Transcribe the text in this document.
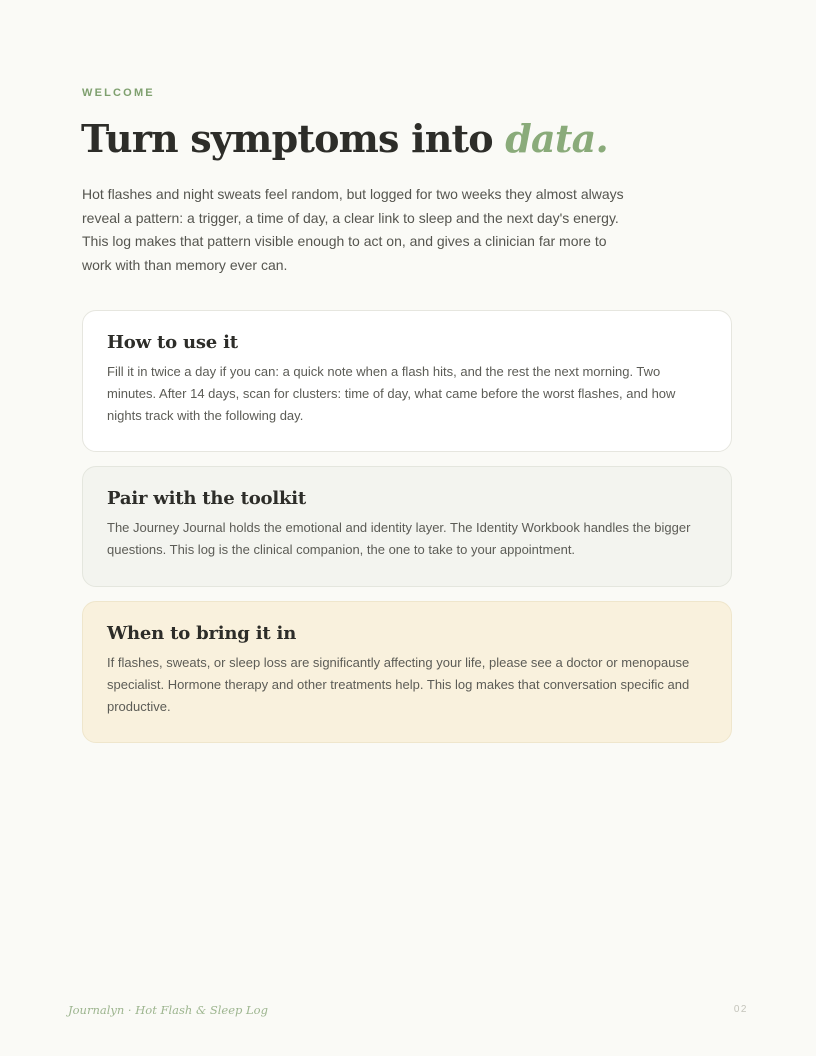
WELCOME
Turn symptoms into data.

Hot flashes and night sweats feel random, but logged for two weeks they almost always reveal a pattern: a trigger, a time of day, a clear link to sleep and the next day's energy. This log makes that pattern visible enough to act on, and gives a clinician far more to work with than memory ever can.

How to use it

Fill it in twice a day if you can: a quick note when a flash hits, and the rest the next morning. Two minutes. After 14 days, scan for clusters: time of day, what came before the worst flashes, and how nights track with the following day.

Pair with the toolkit

The Journey Journal holds the emotional and identity layer. The Identity Workbook handles the bigger questions. This log is the clinical companion, the one to take to your appointment.

When to bring it in

If flashes, sweats, or sleep loss are significantly affecting your life, please see a doctor or menopause specialist. Hormone therapy and other treatments help. This log makes that conversation specific and productive.

Journalyn · Hot Flash & Sleep Log	02
